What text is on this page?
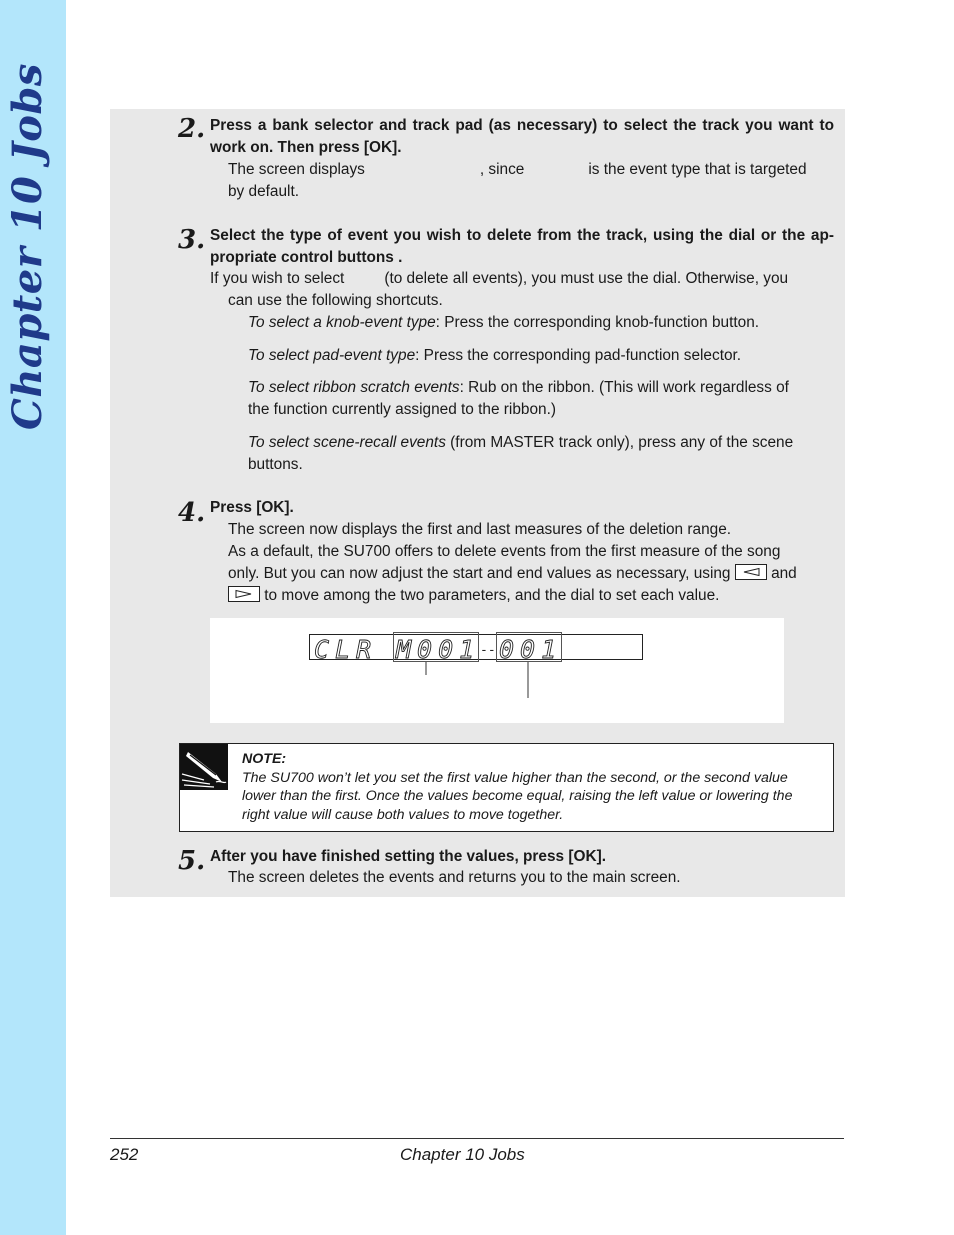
Chapter 10 Jobs	2. Press a bank selector and track pad (as necessary) to select the track you want to
work on. Then press [OK].
The screen displays	, since	is the event type that is targeted
by default.
3. Select the type of event you wish to delete from the track, using the dial or the ap-
propriate control buttons .
If you wish to select	(to delete all events), you must use the dial. Otherwise, you
can use the following shortcuts.
To select a knob-event type: Press the corresponding knob-function button.
To select pad-event type: Press the corresponding pad-function selector.
To select ribbon scratch events: Rub on the ribbon. (This will work regardless of
the function currently assigned to the ribbon.)
To select scene-recall events (from MASTER track only), press any of the scene
buttons.
4. Press [OK].
The screen now displays the first and last measures of the deletion range.
As a default, the SU700 offers to delete events from the first measure of the song
only. But you can now adjust the start and end values as necessary, using	and
to move among the two parameters, and the dial to set each value.
CLR M001 001
--
NOTE:
The SU700 won’t let you set the first value higher than the second, or the second value
lower than the first. Once the values become equal, raising the left value or lowering the
right value will cause both values to move together.
5. After you have finished setting the values, press [OK].
The screen deletes the events and returns you to the main screen.
252	Chapter 10 Jobs
